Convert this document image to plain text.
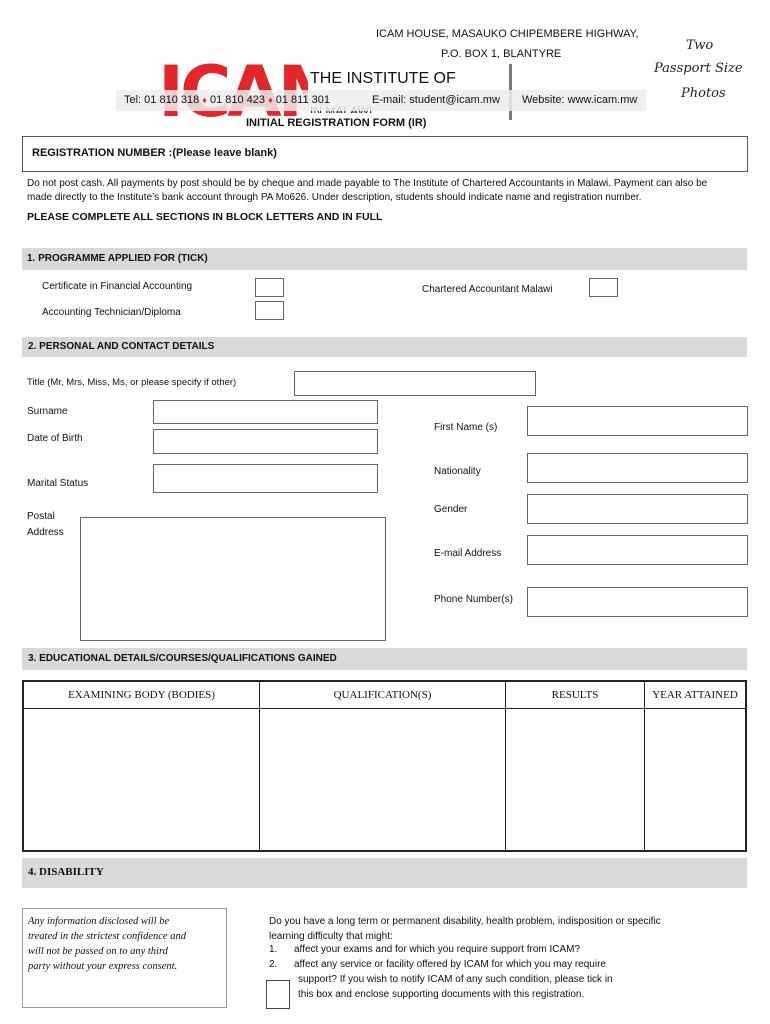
ICAM HOUSE, MASAUKO CHIPEMBERE HIGHWAY,
P.O. BOX 1, BLANTYRE
THE INSTITUTE OF
Tel: 01 810 318 ♦ 01 810 423 ♦ 01 811 301	E-mail: student@icam.mw Website: www.icam.mw
Two
Passport Size
Photos
INITIAL REGISTRATION FORM (IR)
REGISTRATION NUMBER :(Please leave blank)
Do not post cash. All payments by post should be by cheque and made payable to The Institute of Chartered Accountants in Malawi. Payment can also be
made directly to the Institute’s bank account through PA Mo626. Under description, students should indicate name and registration number.
PLEASE COMPLETE ALL SECTIONS IN BLOCK LETTERS AND IN FULL
1. PROGRAMME APPLIED FOR (TICK)
Certificate in Financial Accounting	Chartered Accountant Malawi
Accounting Technician/Diploma
2. PERSONAL AND CONTACT DETAILS
Title (Mr, Mrs, Miss, Ms, or please specify if other)
Surname
Date of Birth
Marital Status
Postal
Address
First Name (s)
Nationality
Gender
E-mail Address
Phone Number(s)
3. EDUCATIONAL DETAILS/COURSES/QUALIFICATIONS GAINED
EXAMINING BODY (BODIES)	QUALIFICATION(S)	RESULTS	YEAR ATTAINED

4. DISABILITY
Any information disclosed will be
treated in the strictest confidence and
will not be passed on to any third
party without your express consent.
Do you have a long term or permanent disability, health problem, indisposition or specific
learning difficulty that might:
1. affect your exams and for which you require support from ICAM?
2. affect any service or facility offered by ICAM for which you may require
support? If you wish to notify ICAM of any such condition, please tick in
this box and enclose supporting documents with this registration.
